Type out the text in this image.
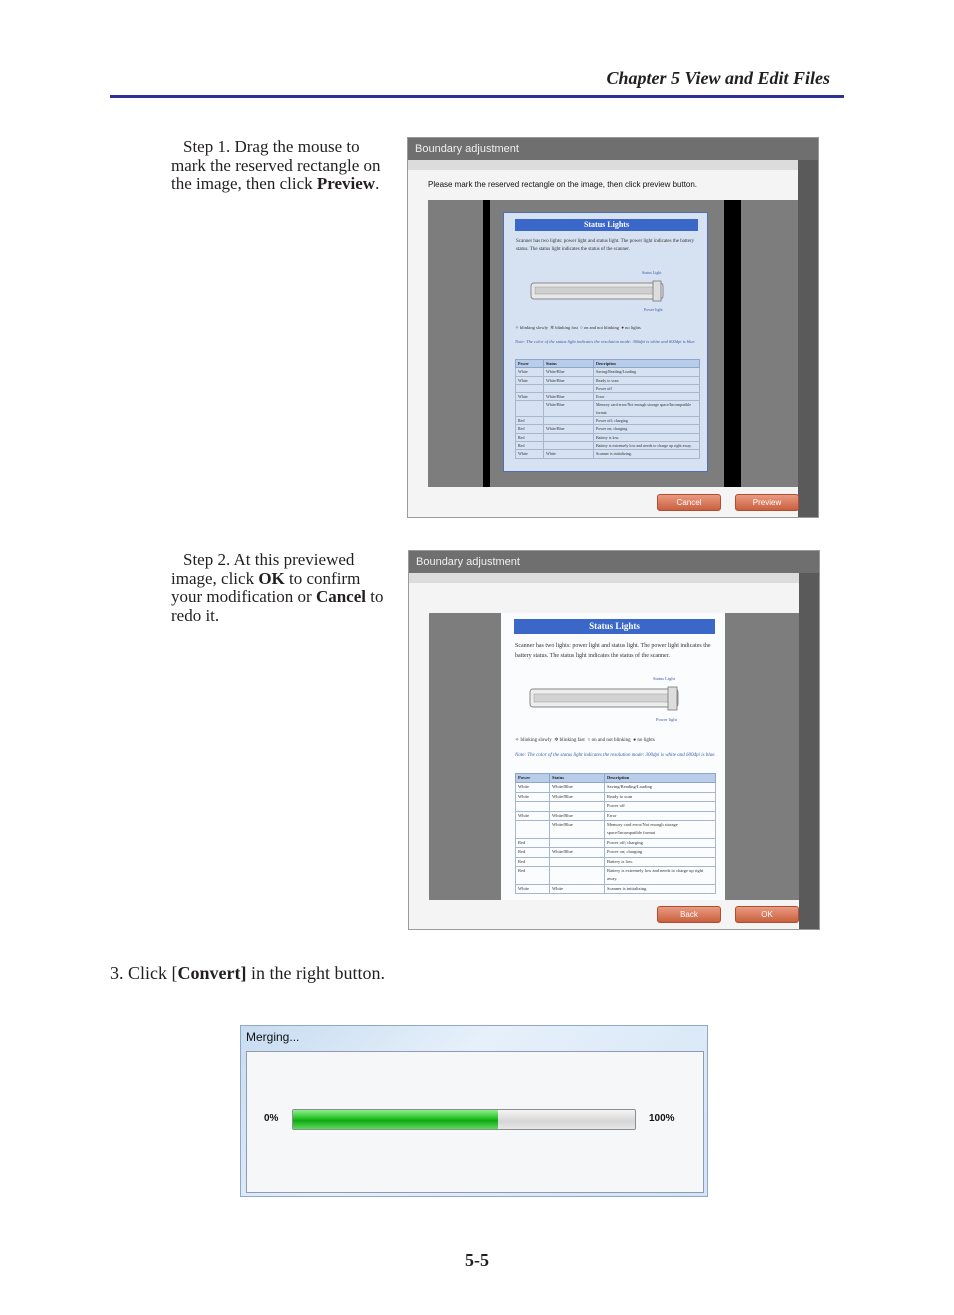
Chapter 5 View and Edit Files
Step 1. Drag the mouse to
mark the reserved rectangle on
the image, then click Preview.
Boundary adjustment
Please mark the reserved rectangle on the image, then click preview button.
Status Lights
Scanner has two lights: power light and status light. The power light indicates the battery status. The status light indicates the status of the scanner.
Status Light
Power light
✧ blinking slowly ✲ blinking fast ○ on and not blinking ● no lights
Note: The color of the status light indicates the resolution mode: 300dpi is white and 600dpi is blue.
Power	Status	Description
White	White/Blue	Saving/Reading/Loading
White	White/Blue	Ready to scan
		Power off
White	White/Blue	Error
	White/Blue	Memory card error/Not enough storage space/Incompatible format
Red		Power off; charging
Red	White/Blue	Power on; charging
Red		Battery is low.
Red		Battery is extremely low and needs to charge up right away.
White	White	Scanner is initializing.
Cancel	Preview
Step 2. At this previewed
image, click OK to confirm
your modification or Cancel to
redo it.
Boundary adjustment
Status Lights
Scanner has two lights: power light and status light. The power light indicates the battery status. The status light indicates the status of the scanner.
Status Light
Power light
✧ blinking slowly ✲ blinking fast ○ on and not blinking ● no lights
Note: The color of the status light indicates the resolution mode: 300dpi is white and 600dpi is blue.
Power	Status	Description
White	White/Blue	Saving/Reading/Loading
White	White/Blue	Ready to scan
		Power off
White	White/Blue	Error
	White/Blue	Memory card error/Not enough storage space/Incompatible format
Red		Power off; charging
Red	White/Blue	Power on; charging
Red		Battery is low.
Red		Battery is extremely low and needs to charge up right away.
White	White	Scanner is initializing.
Back	OK
3. Click [Convert] in the right button.
Merging...
0%	100%
5-5
